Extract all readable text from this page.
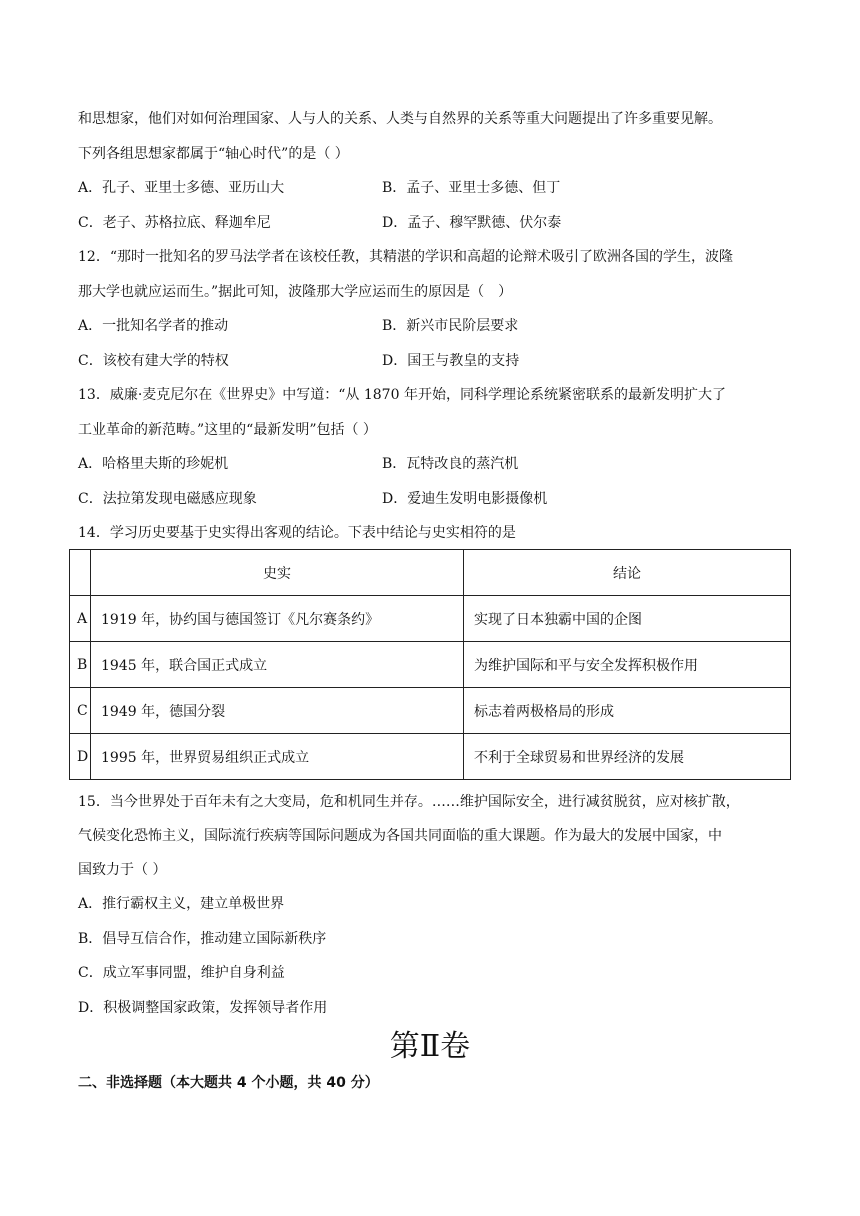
和思想家，他们对如何治理国家、人与人的关系、人类与自然界的关系等重大问题提出了许多重要见解。
下列各组思想家都属于“轴心时代”的是（ ）
A．孔子、亚里士多德、亚历山大	B．孟子、亚里士多德、但丁
C．老子、苏格拉底、释迦牟尼	D．孟子、穆罕默德、伏尔泰
12．“那时一批知名的罗马法学者在该校任教，其精湛的学识和高超的论辩术吸引了欧洲各国的学生，波隆
那大学也就应运而生。”据此可知，波隆那大学应运而生的原因是（　）
A．一批知名学者的推动	B．新兴市民阶层要求
C．该校有建大学的特权	D．国王与教皇的支持
13．威廉·麦克尼尔在《世界史》中写道：“从 1870 年开始，同科学理论系统紧密联系的最新发明扩大了
工业革命的新范畴。”这里的“最新发明”包括（ ）
A．哈格里夫斯的珍妮机	B．瓦特改良的蒸汽机
C．法拉第发现电磁感应现象	D．爱迪生发明电影摄像机
14．学习历史要基于史实得出客观的结论。下表中结论与史实相符的是
	史实	结论
A	1919 年，协约国与德国签订《凡尔赛条约》	实现了日本独霸中国的企图
B	1945 年，联合国正式成立	为维护国际和平与安全发挥积极作用
C	1949 年，德国分裂	标志着两极格局的形成
D	1995 年，世界贸易组织正式成立	不利于全球贸易和世界经济的发展
15．当今世界处于百年未有之大变局，危和机同生并存。……维护国际安全，进行减贫脱贫，应对核扩散，
气候变化恐怖主义，国际流行疾病等国际问题成为各国共同面临的重大课题。作为最大的发展中国家，中
国致力于（ ）
A．推行霸权主义，建立单极世界
B．倡导互信合作，推动建立国际新秩序
C．成立军事同盟，维护自身利益
D．积极调整国家政策，发挥领导者作用
第Ⅱ卷
二、非选择题（本大题共 4 个小题，共 40 分）
